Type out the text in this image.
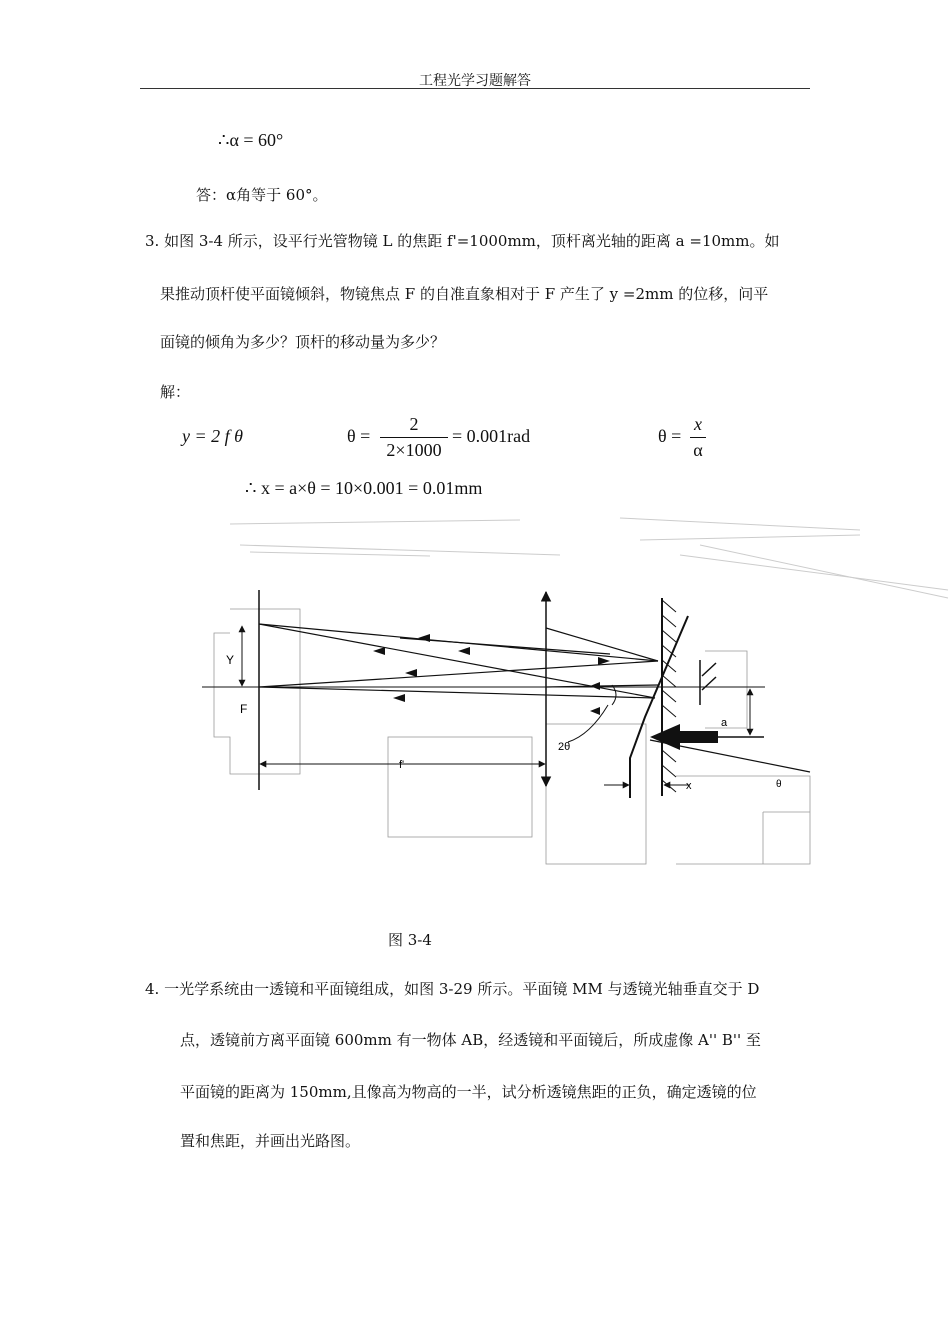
工程光学习题解答
∴α = 60°
答：α角等于 60°。
3. 如图 3-4 所示，设平行光管物镜 L 的焦距 f'=1000mm，顶杆离光轴的距离 a =10mm。如
果推动顶杆使平面镜倾斜，物镜焦点 F 的自准直象相对于 F 产生了 y =2mm 的位移，问平
面镜的倾角为多少？顶杆的移动量为多少？
解：
y = 2 f θ	θ =
2
2×1000
= 0.001rad	θ =
x
α
∴ x = a×θ = 10×0.001 = 0.01mm
Y
F
f'
2θ
a
x	θ
图 3-4
4. 一光学系统由一透镜和平面镜组成，如图 3-29 所示。平面镜 MM 与透镜光轴垂直交于 D
点，透镜前方离平面镜 600mm 有一物体 AB，经透镜和平面镜后，所成虚像 A'' B'' 至
平面镜的距离为 150mm,且像高为物高的一半，试分析透镜焦距的正负，确定透镜的位
置和焦距，并画出光路图。
